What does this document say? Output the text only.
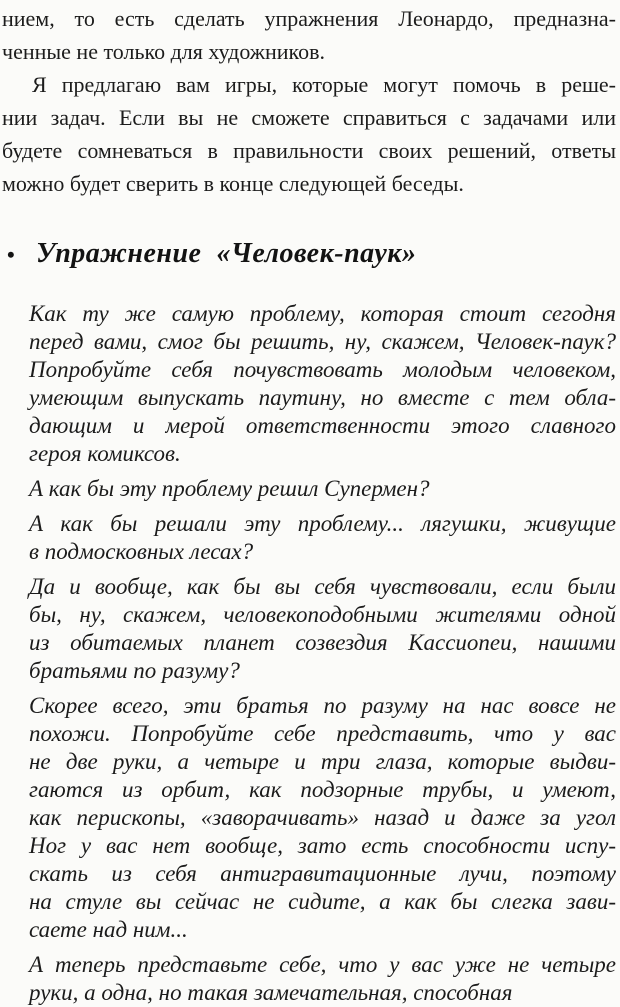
нием, то есть сделать упражнения Леонардо, предназна-
ченные не только для художников.
Я предлагаю вам игры, которые могут помочь в реше-
нии задач. Если вы не сможете справиться с задачами или
будете сомневаться в правильности своих решений, ответы
можно будет сверить в конце следующей беседы.
• Упражнение  «Человек-паук»
Как ту же самую проблему, которая стоит сегодня
перед вами, смог бы решить, ну, скажем, Человек-паук?
Попробуйте себя почувствовать молодым человеком,
умеющим выпускать паутину, но вместе с тем обла-
дающим и мерой ответственности этого славного
героя комиксов.
А как бы эту проблему решил Супермен?
А как бы решали эту проблему... лягушки, живущие
в подмосковных лесах?
Да и вообще, как бы вы себя чувствовали, если были
бы, ну, скажем, человекоподобными жителями одной
из обитаемых планет созвездия Кассиопеи, нашими
братьями по разуму?
Скорее всего, эти братья по разуму на нас вовсе не
похожи. Попробуйте себе представить, что у вас
не две руки, а четыре и три глаза, которые выдви-
гаются из орбит, как подзорные трубы, и умеют,
как перископы, «заворачивать» назад и даже за угол
Ног у вас нет вообще, зато есть способности испу-
скать из себя антигравитационные лучи, поэтому
на стуле вы сейчас не сидите, а как бы слегка зави-
саете над ним...
А теперь представьте себе, что у вас уже не четыре
руки, а одна, но такая замечательная, способная
